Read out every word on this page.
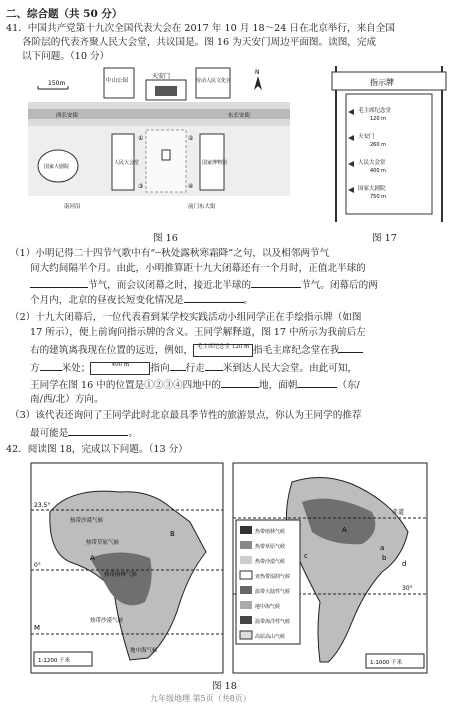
二、综合题（共 50 分）
41．中国共产党第十九次全国代表大会在 2017 年 10 月 18～24 日在北京举行，来自全国
各阶层的代表齐聚人民大会堂，共议国是。图 16 为天安门周边平面图。读图，完成
以下问题。（10 分）
150m
N
中山公园
天安门
劳动人民文化宫
西长安街	东长安街
国家大剧院
人民大会堂	国家博物馆
①	②
③	④
南河沿	前门东大街
图 16
指示牌
毛主席纪念堂
120 m
天安门
260 m
人民大会堂
400 m
国家大剧院
750 m
图 17
（1）小明记得二十四节气歌中有“┄秋处露秋寒霜降”之句，以及相邻两节气
间大约间隔半个月。由此，小明推算距十九大闭幕还有一个月时，正值北半球的
节气，而会议闭幕之时，接近北半球的	节气。闭幕后的两
个月内，北京的昼夜长短变化情况是	。
（2）十九大闭幕后，一位代表看到某学校实践活动小组同学正在手绘指示牌（如图
17 所示），便上前询问指示牌的含义。王同学解释道，图 17 中所示为我前后左
右的建筑离我现在位置的远近，例如， 毛主席纪念堂 120 m 指毛主席纪念堂在我
方 米处；	400 m 指向 行走 米到达人民大会堂。由此可知，
王同学在图 16 中的位置是①②③④四地中的	地，面朝	（东/
南/西/北）方向。
（3）该代表还询问了王同学此时北京最具季节性的旅游景点，你认为王同学的推荐
最可能是	。
42．阅读图 18，完成以下问题。（13 分）
23.5°
0°
M
热带沙漠气候
热带草原气候
热带雨林气候
地中海气候
热带沙漠气候
A
B
1:1200 千米
赤道
30°
a
b
c
d
A
热带雨林气候
热带草原气候
热带沙漠气候
亚热带湿润气候
温带大陆性气候
地中海气候
温带海洋性气候
高原高山气候
1:1000 千米
图 18
九年级地理 第5页（共8页）
